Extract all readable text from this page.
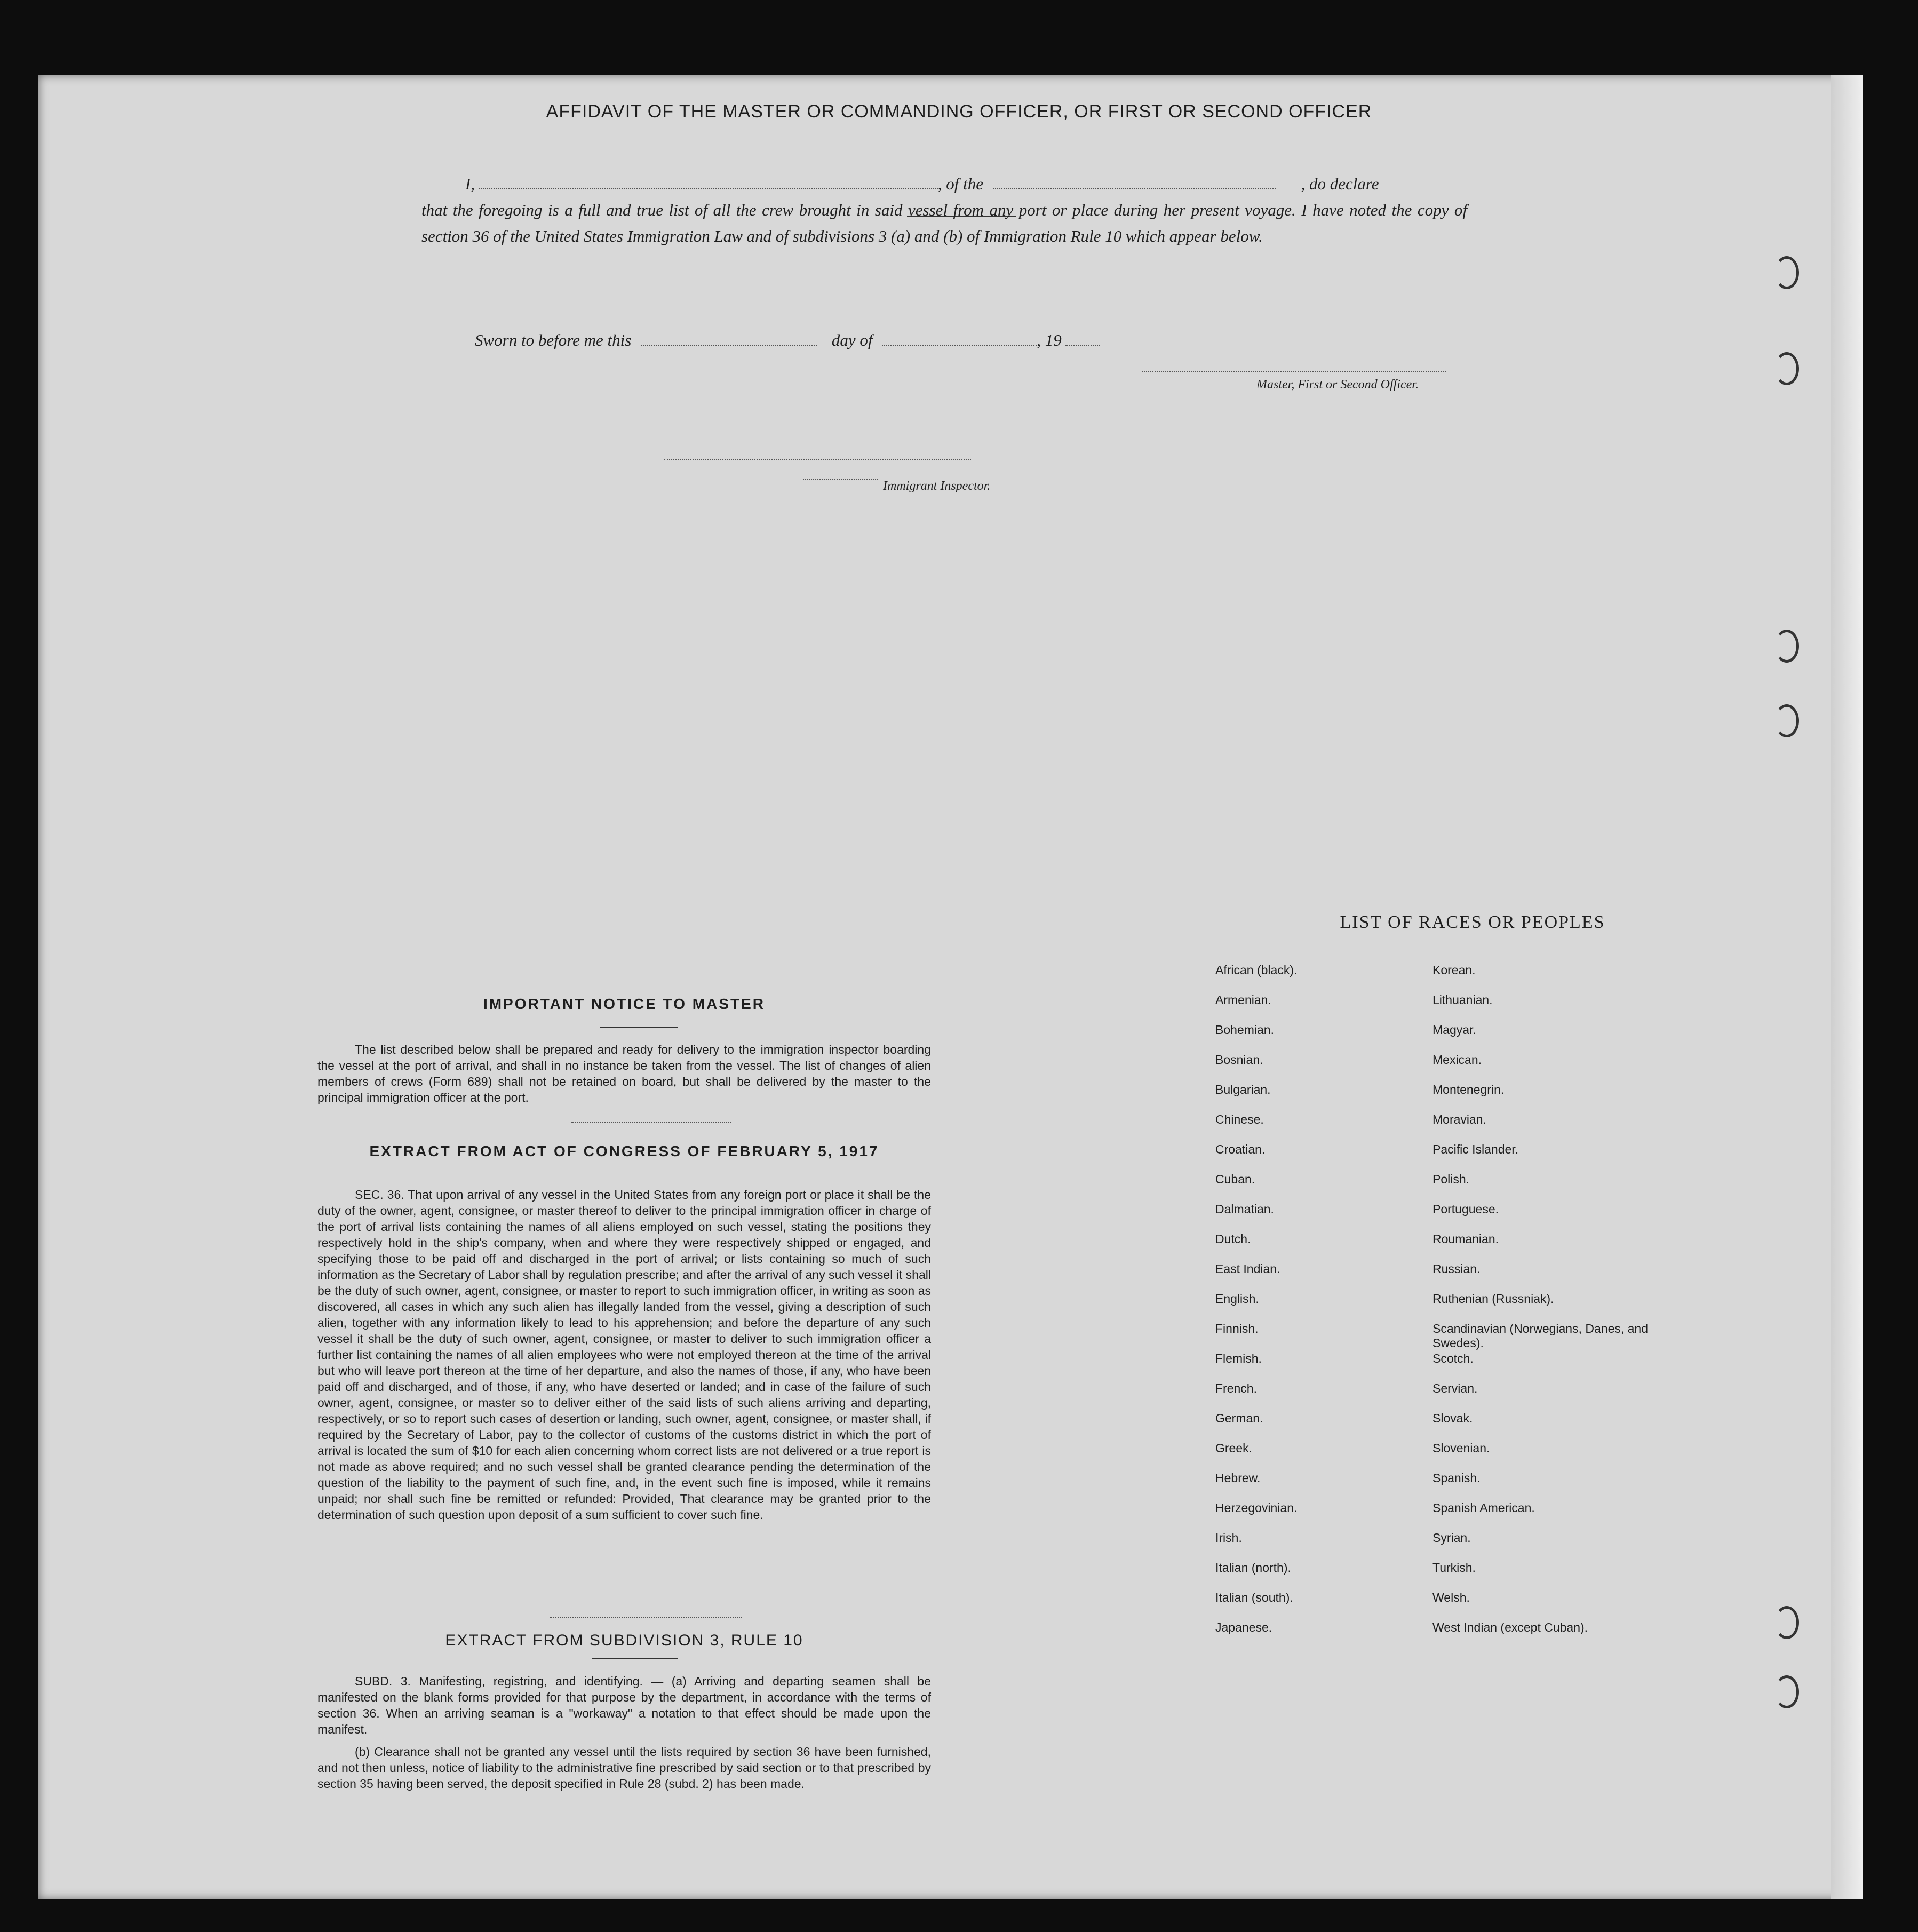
AFFIDAVIT OF THE MASTER OR COMMANDING OFFICER, OR FIRST OR SECOND OFFICER
I,	, of the	, do declare
that the foregoing is a full and true list of all the crew brought in said vessel from any port or place during her present voyage. I have noted the copy of section 36 of the United States Immigration Law and of subdivisions 3 (a) and (b) of Immigration Rule 10 which appear below.
Master, First or Second Officer.
Sworn to before me this	day of	, 19
Immigrant Inspector.
IMPORTANT NOTICE TO MASTER
The list described below shall be prepared and ready for delivery to the immigration inspector boarding the vessel at the port of arrival, and shall in no instance be taken from the vessel. The list of changes of alien members of crews (Form 689) shall not be retained on board, but shall be delivered by the master to the principal immigration officer at the port.
EXTRACT FROM ACT OF CONGRESS OF FEBRUARY 5, 1917
SEC. 36. That upon arrival of any vessel in the United States from any foreign port or place it shall be the duty of the owner, agent, consignee, or master thereof to deliver to the principal immigration officer in charge of the port of arrival lists containing the names of all aliens employed on such vessel, stating the positions they respectively hold in the ship's company, when and where they were respectively shipped or engaged, and specifying those to be paid off and discharged in the port of arrival; or lists containing so much of such information as the Secretary of Labor shall by regulation prescribe; and after the arrival of any such vessel it shall be the duty of such owner, agent, consignee, or master to report to such immigration officer, in writing as soon as discovered, all cases in which any such alien has illegally landed from the vessel, giving a description of such alien, together with any information likely to lead to his apprehension; and before the departure of any such vessel it shall be the duty of such owner, agent, consignee, or master to deliver to such immigration officer a further list containing the names of all alien employees who were not employed thereon at the time of the arrival but who will leave port thereon at the time of her departure, and also the names of those, if any, who have been paid off and discharged, and of those, if any, who have deserted or landed; and in case of the failure of such owner, agent, consignee, or master so to deliver either of the said lists of such aliens arriving and departing, respectively, or so to report such cases of desertion or landing, such owner, agent, consignee, or master shall, if required by the Secretary of Labor, pay to the collector of customs of the customs district in which the port of arrival is located the sum of $10 for each alien concerning whom correct lists are not delivered or a true report is not made as above required; and no such vessel shall be granted clearance pending the determination of the question of the liability to the payment of such fine, and, in the event such fine is imposed, while it remains unpaid; nor shall such fine be remitted or refunded: Provided, That clearance may be granted prior to the determination of such question upon deposit of a sum sufficient to cover such fine.
EXTRACT FROM SUBDIVISION 3, RULE 10
SUBD. 3. Manifesting, registring, and identifying. — (a) Arriving and departing seamen shall be manifested on the blank forms provided for that purpose by the department, in accordance with the terms of section 36. When an arriving seaman is a "workaway" a notation to that effect should be made upon the manifest.
(b) Clearance shall not be granted any vessel until the lists required by section 36 have been furnished, and not then unless, notice of liability to the administrative fine prescribed by said section or to that prescribed by section 35 having been served, the deposit specified in Rule 28 (subd. 2) has been made.
LIST OF RACES OR PEOPLES
African (black).
Armenian.
Bohemian.
Bosnian.
Bulgarian.
Chinese.
Croatian.
Cuban.
Dalmatian.
Dutch.
East Indian.
English.
Finnish.
Flemish.
French.
German.
Greek.
Hebrew.
Herzegovinian.
Irish.
Italian (north).
Italian (south).
Japanese.
Korean.
Lithuanian.
Magyar.
Mexican.
Montenegrin.
Moravian.
Pacific Islander.
Polish.
Portuguese.
Roumanian.
Russian.
Ruthenian (Russniak).
Scandinavian (Norwegians, Danes, and Swedes).
Scotch.
Servian.
Slovak.
Slovenian.
Spanish.
Spanish American.
Syrian.
Turkish.
Welsh.
West Indian (except Cuban).
